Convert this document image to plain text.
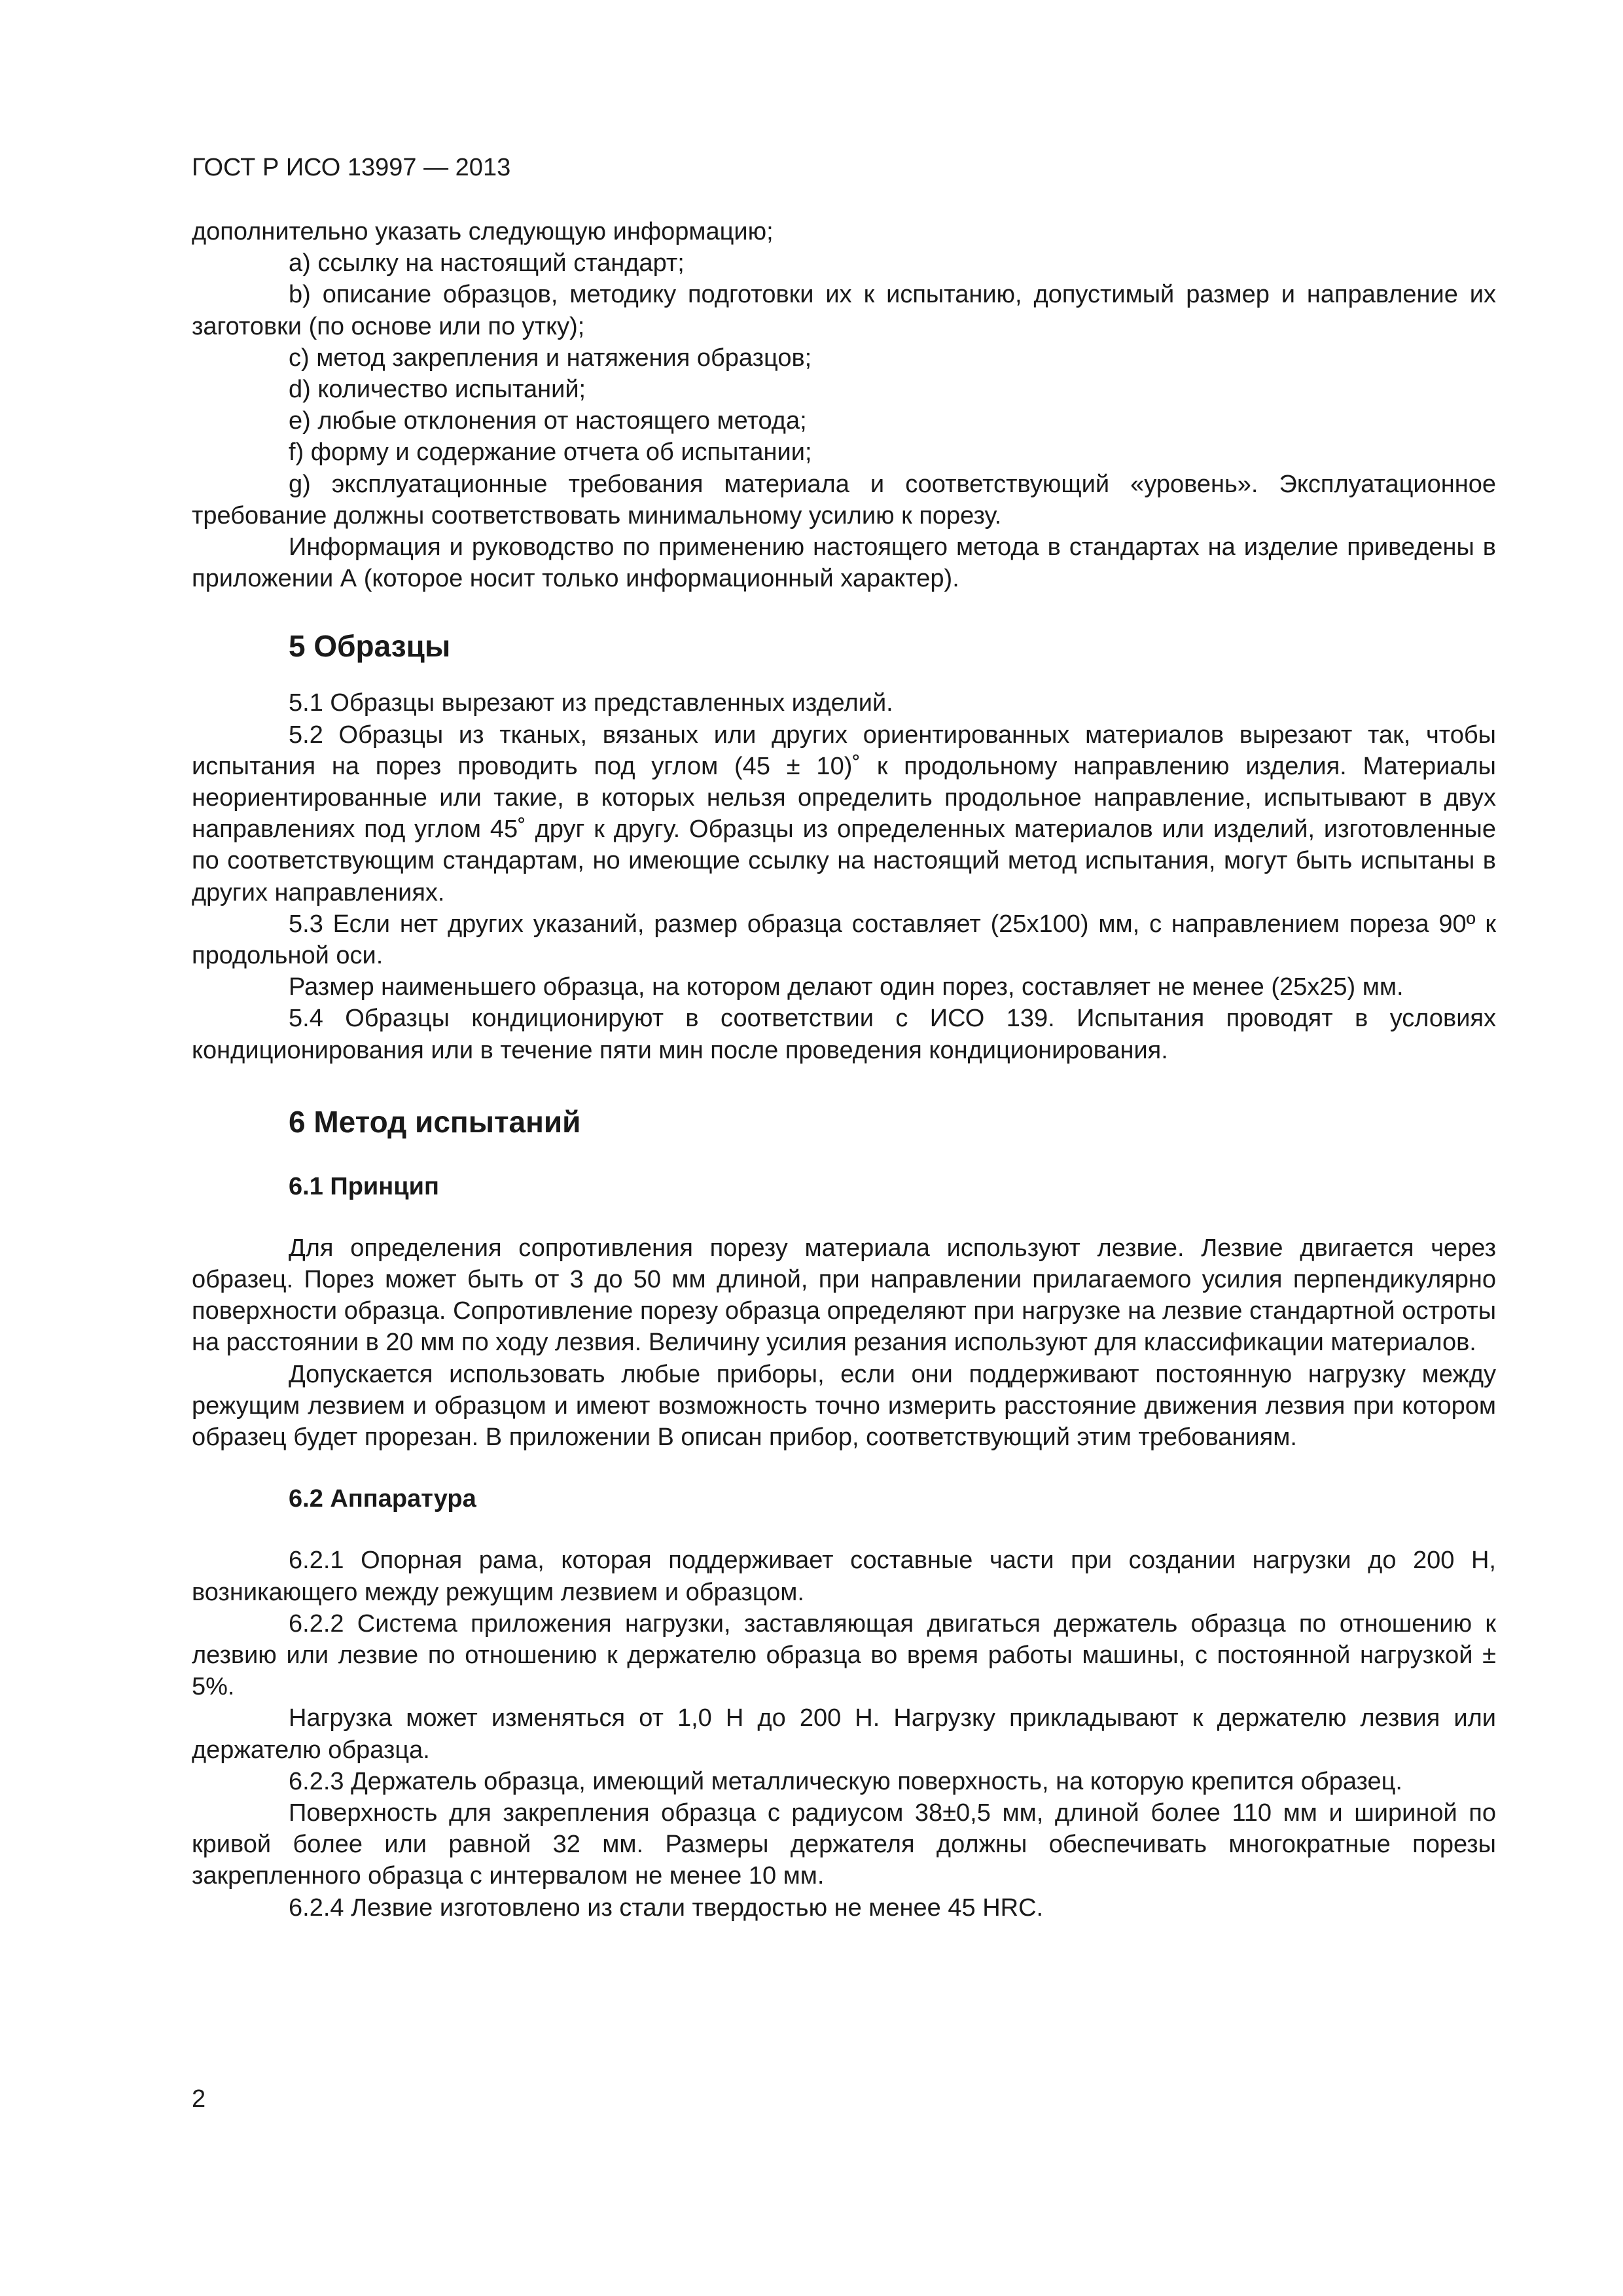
ГОСТ Р ИСО 13997 — 2013

дополнительно указать следующую информацию;

a) ссылку на настоящий стандарт;

b) описание образцов, методику подготовки их к испытанию, допустимый размер и направление их заготовки (по основе или по утку);

c) метод закрепления и натяжения образцов;

d) количество испытаний;

e) любые отклонения от настоящего метода;

f) форму и содержание отчета об испытании;

g) эксплуатационные требования материала и соответствующий «уровень». Эксплуатационное требование должны соответствовать минимальному усилию к порезу.

Информация и руководство по применению настоящего метода в стандартах на изделие приведены в приложении А (которое носит только информационный характер).

5 Образцы

5.1 Образцы вырезают из представленных изделий.

5.2 Образцы из тканых, вязаных или других ориентированных материалов вырезают так, чтобы испытания на порез проводить под углом (45 ± 10)˚ к продольному направлению изделия. Материалы неориентированные или такие, в которых нельзя определить продольное направление, испытывают в двух направлениях под углом 45˚ друг к другу. Образцы из определенных материалов или изделий, изготовленные по соответствующим стандартам, но имеющие ссылку на настоящий метод испытания, могут быть испытаны в других направлениях.

5.3 Если нет других указаний, размер образца составляет (25x100) мм, с направлением пореза 90º к продольной оси.

Размер наименьшего образца, на котором делают один порез, составляет не менее (25x25) мм.

5.4 Образцы кондиционируют в соответствии с ИСО 139. Испытания проводят в условиях кондиционирования или в течение пяти мин после проведения кондиционирования.

6 Метод испытаний
6.1 Принцип

Для определения сопротивления порезу материала используют лезвие. Лезвие двигается через образец. Порез может быть от 3 до 50 мм длиной, при направлении прилагаемого усилия перпендикулярно поверхности образца. Сопротивление порезу образца определяют при нагрузке на лезвие стандартной остроты на расстоянии в 20 мм по ходу лезвия. Величину усилия резания используют для классификации материалов.

Допускается использовать любые приборы, если они поддерживают постоянную нагрузку между режущим лезвием и образцом и имеют возможность точно измерить расстояние движения лезвия при котором образец будет прорезан. В приложении В описан прибор, соответствующий этим требованиям.

6.2 Аппаратура

6.2.1 Опорная рама, которая поддерживает составные части при создании нагрузки до 200 Н, возникающего между режущим лезвием и образцом.

6.2.2 Система приложения нагрузки, заставляющая двигаться держатель образца по отношению к лезвию или лезвие по отношению к держателю образца во время работы машины, с постоянной нагрузкой ± 5%.

Нагрузка может изменяться от 1,0 Н до 200 Н. Нагрузку прикладывают к держателю лезвия или держателю образца.

6.2.3 Держатель образца, имеющий металлическую поверхность, на которую крепится образец.

Поверхность для закрепления образца с радиусом 38±0,5 мм, длиной более 110 мм и шириной по кривой более или равной 32 мм. Размеры держателя должны обеспечивать многократные порезы закрепленного образца с интервалом не менее 10 мм.

6.2.4 Лезвие изготовлено из стали твердостью не менее 45 HRC.

2
